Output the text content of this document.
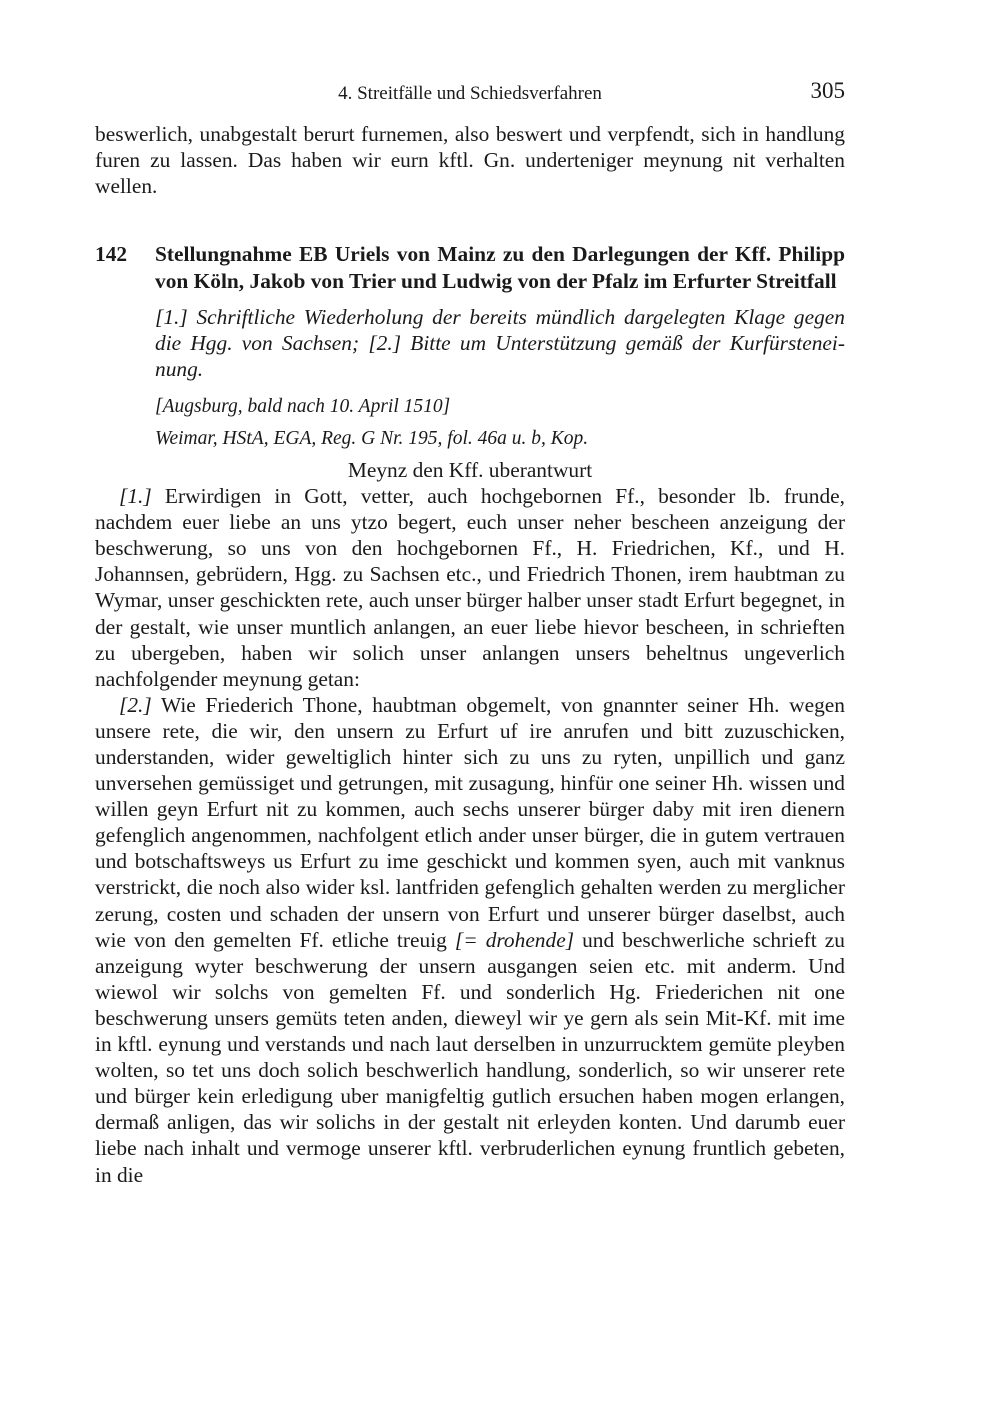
4. Streitfälle und Schiedsverfahren	305

beswerlich, unabgestalt berurt furnemen, also beswert und verpfendt, sich in handlung furen zu lassen. Das haben wir eurn kftl. Gn. underteniger meynung nit verhalten wellen.

142	Stellungnahme EB Uriels von Mainz zu den Darlegungen der Kff. Philipp von Köln, Jakob von Trier und Ludwig von der Pfalz im Erfurter Streitfall

[1.] Schriftliche Wiederholung der bereits mündlich dargelegten Klage gegen die Hgg. von Sachsen; [2.] Bitte um Unterstützung gemäß der Kurfürsteneinung.

[Augsburg, bald nach 10. April 1510]

Weimar, HStA, EGA, Reg. G Nr. 195, fol. 46a u. b, Kop.

Meynz den Kff. uberantwurt

[1.] Erwirdigen in Gott, vetter, auch hochgebornen Ff., besonder lb. frunde, nachdem euer liebe an uns ytzo begert, euch unser neher bescheen anzeigung der beschwerung, so uns von den hochgebornen Ff., H. Friedrichen, Kf., und H. Johannsen, gebrüdern, Hgg. zu Sachsen etc., und Friedrich Thonen, irem haubtman zu Wymar, unser geschickten rete, auch unser bürger halber unser stadt Erfurt begegnet, in der gestalt, wie unser muntlich anlangen, an euer liebe hievor bescheen, in schrieften zu ubergeben, haben wir solich unser anlangen unsers beheltnus ungeverlich nachfolgender meynung getan:

[2.] Wie Friederich Thone, haubtman obgemelt, von gnannter seiner Hh. wegen unsere rete, die wir, den unsern zu Erfurt uf ire anrufen und bitt zuzuschicken, understanden, wider geweltiglich hinter sich zu uns zu ryten, unpillich und ganz unversehen gemüssiget und getrungen, mit zusagung, hinfür one seiner Hh. wissen und willen geyn Erfurt nit zu kommen, auch sechs unserer bürger daby mit iren dienern gefenglich angenommen, nachfolgent etlich ander unser bürger, die in gutem vertrauen und botschaftsweys us Erfurt zu ime geschickt und kommen syen, auch mit vanknus verstrickt, die noch also wider ksl. lantfriden gefenglich gehalten werden zu merglicher zerung, costen und schaden der unsern von Erfurt und unserer bürger daselbst, auch wie von den gemelten Ff. etliche treuig [= drohende] und beschwerliche schrieft zu anzeigung wyter beschwerung der unsern ausgangen seien etc. mit anderm. Und wiewol wir solchs von gemelten Ff. und sonderlich Hg. Friederichen nit one beschwerung unsers gemüts teten anden, dieweyl wir ye gern als sein Mit-Kf. mit ime in kftl. eynung und verstands und nach laut derselben in unzurrucktem gemüte pleyben wolten, so tet uns doch solich beschwerlich handlung, sonderlich, so wir unserer rete und bürger kein erledigung uber manigfeltig gutlich ersuchen haben mogen erlangen, dermaß anligen, das wir solichs in der gestalt nit erleyden konten. Und darumb euer liebe nach inhalt und vermoge unserer kftl. verbruderlichen eynung fruntlich gebeten, in die
